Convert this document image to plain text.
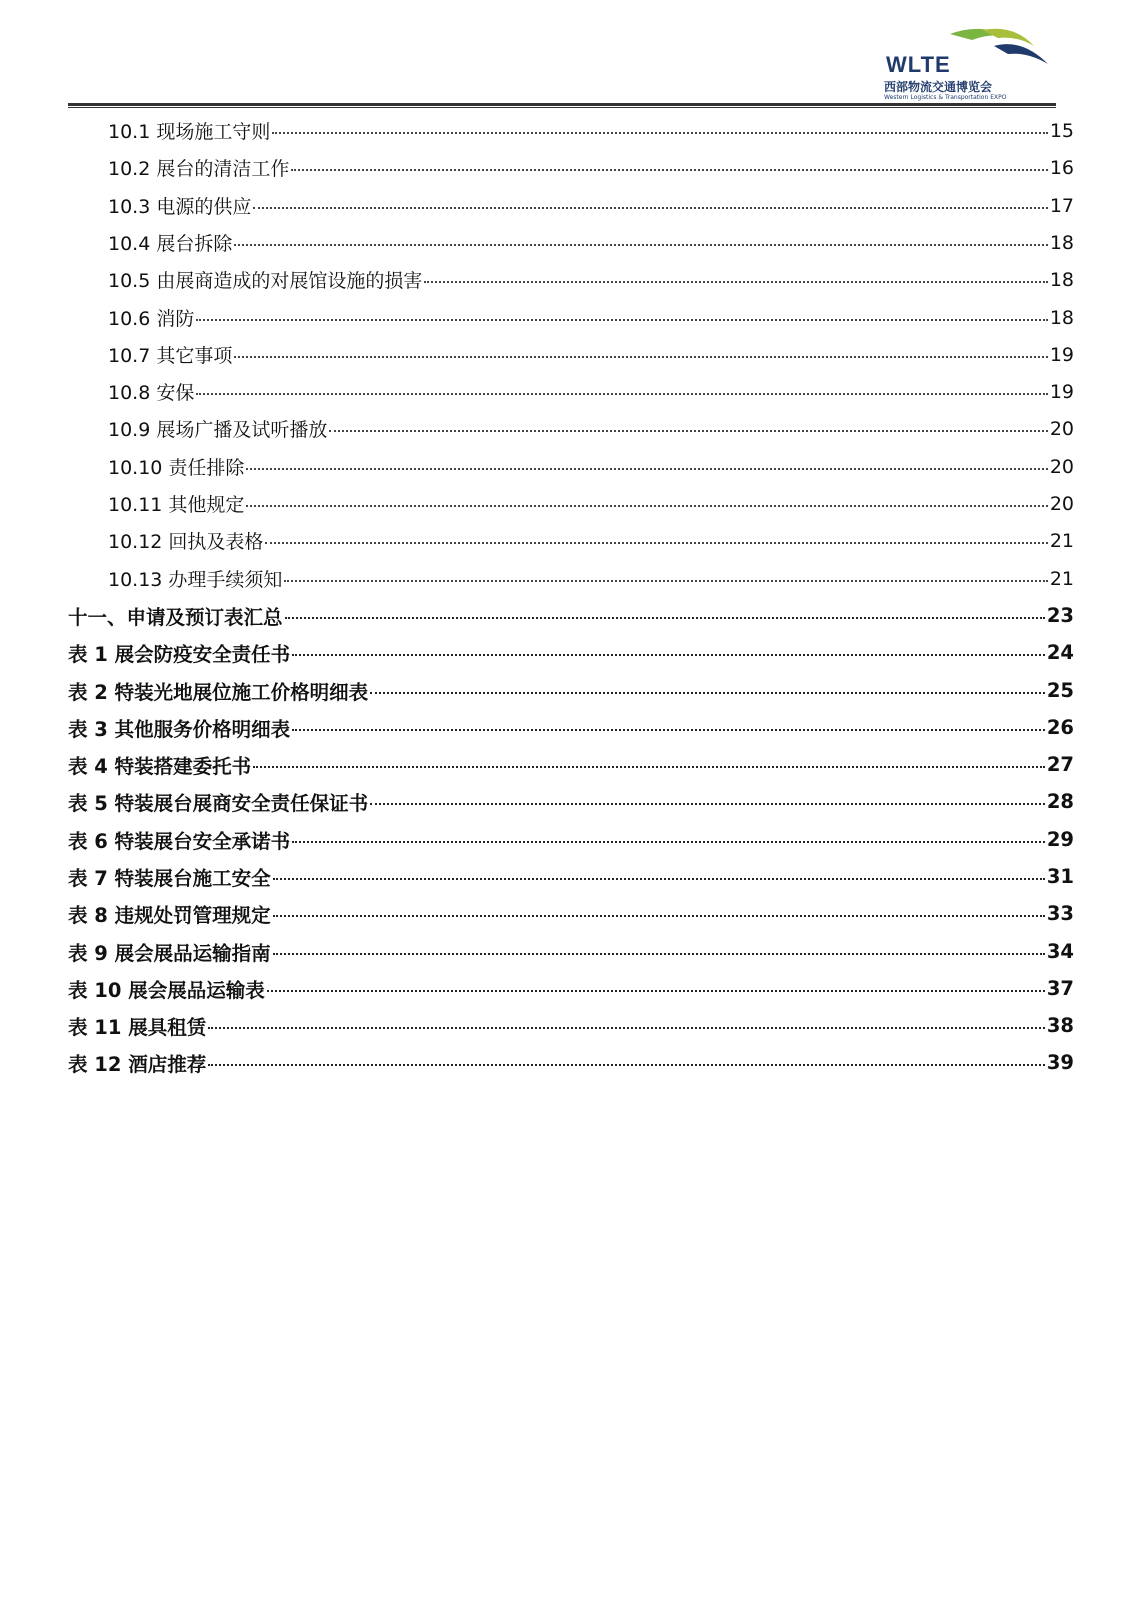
WLTE
西部物流交通博览会
Western Logistics & Transportation EXPO
10.1 现场施工守则	15
10.2 展台的清洁工作	16
10.3 电源的供应	17
10.4 展台拆除	18
10.5 由展商造成的对展馆设施的损害	18
10.6 消防	18
10.7 其它事项	19
10.8 安保	19
10.9 展场广播及试听播放	20
10.10 责任排除	20
10.11 其他规定	20
10.12 回执及表格	21
10.13 办理手续须知	21
十一、申请及预订表汇总	23
表 1 展会防疫安全责任书	24
表 2 特装光地展位施工价格明细表	25
表 3 其他服务价格明细表	26
表 4 特装搭建委托书	27
表 5 特装展台展商安全责任保证书	28
表 6 特装展台安全承诺书	29
表 7 特装展台施工安全	31
表 8 违规处罚管理规定	33
表 9 展会展品运输指南	34
表 10 展会展品运输表	37
表 11 展具租赁	38
表 12 酒店推荐	39
